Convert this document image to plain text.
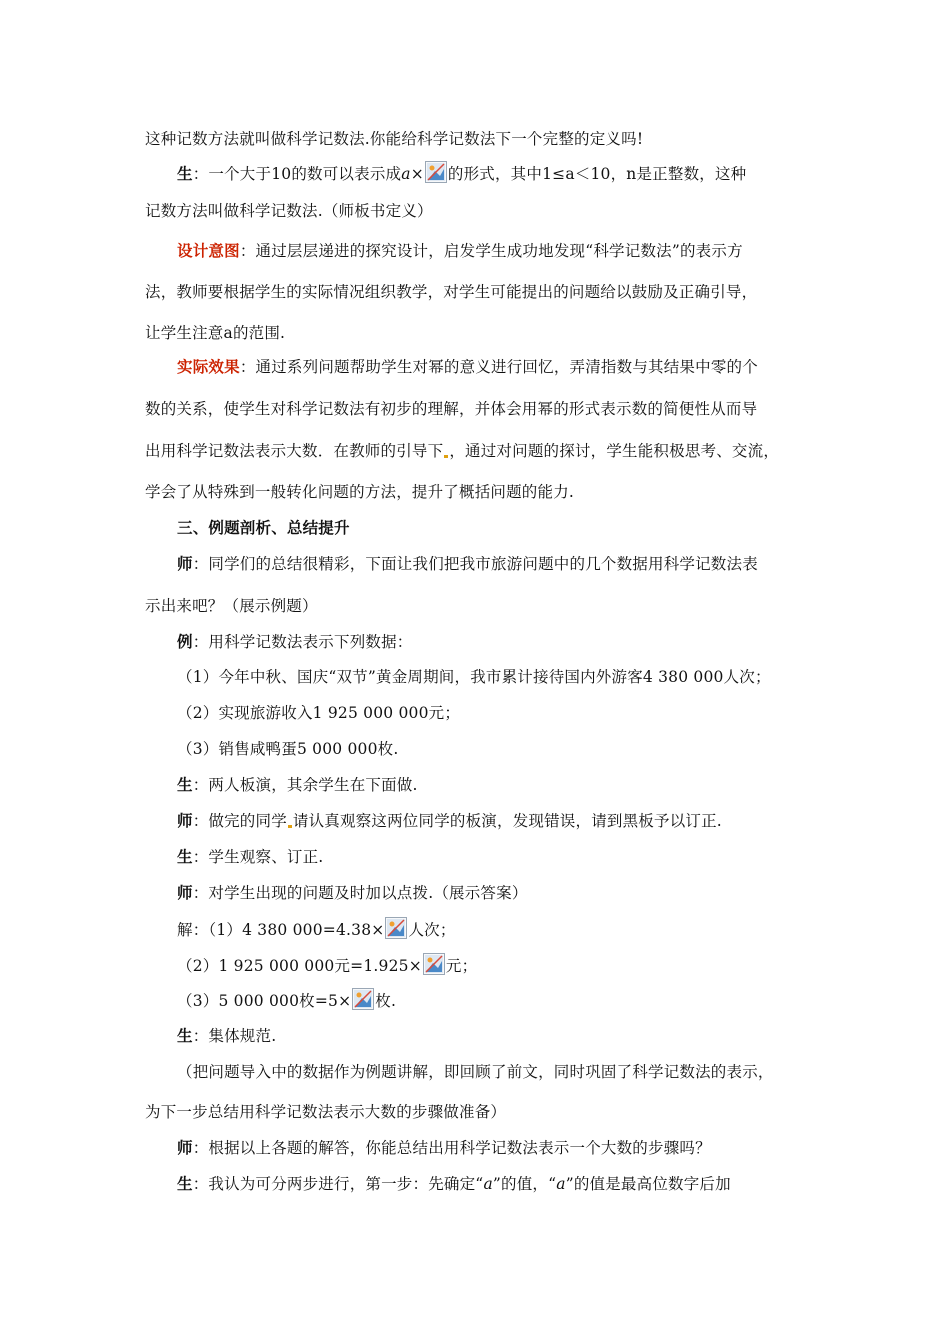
这种记数方法就叫做科学记数法.你能给科学记数法下一个完整的定义吗!
生：一个大于10的数可以表示成a× 的形式，其中1≤a＜10，n是正整数，这种
记数方法叫做科学记数法.（师板书定义）
设计意图：通过层层递进的探究设计，启发学生成功地发现“科学记数法”的表示方
法，教师要根据学生的实际情况组织教学，对学生可能提出的问题给以鼓励及正确引导，
让学生注意a的范围.
实际效果：通过系列问题帮助学生对幂的意义进行回忆，弄清指数与其结果中零的个
数的关系，使学生对科学记数法有初步的理解，并体会用幂的形式表示数的简便性从而导
出用科学记数法表示大数．在教师的引导下 ，通过对问题的探讨，学生能积极思考、交流，
学会了从特殊到一般转化问题的方法，提升了概括问题的能力.
三、例题剖析、总结提升
师：同学们的总结很精彩，下面让我们把我市旅游问题中的几个数据用科学记数法表
示出来吧？（展示例题）
例：用科学记数法表示下列数据：
（1）今年中秋、国庆“双节”黄金周期间，我市累计接待国内外游客4 380 000人次；
（2）实现旅游收入1 925 000 000元；
（3）销售咸鸭蛋5 000 000枚.
生：两人板演，其余学生在下面做.
师：做完的同学 请认真观察这两位同学的板演，发现错误，请到黑板予以订正.
生：学生观察、订正.
师：对学生出现的问题及时加以点拨.（展示答案）
解：（1）4 380 000=4.38× 人次；
（2）1 925 000 000元=1.925× 元；
（3）5 000 000枚=5× 枚.
生：集体规范.
（把问题导入中的数据作为例题讲解，即回顾了前文，同时巩固了科学记数法的表示，
为下一步总结用科学记数法表示大数的步骤做准备）
师：根据以上各题的解答，你能总结出用科学记数法表示一个大数的步骤吗？
生：我认为可分两步进行，第一步：先确定“a”的值，“a”的值是最高位数字后加
